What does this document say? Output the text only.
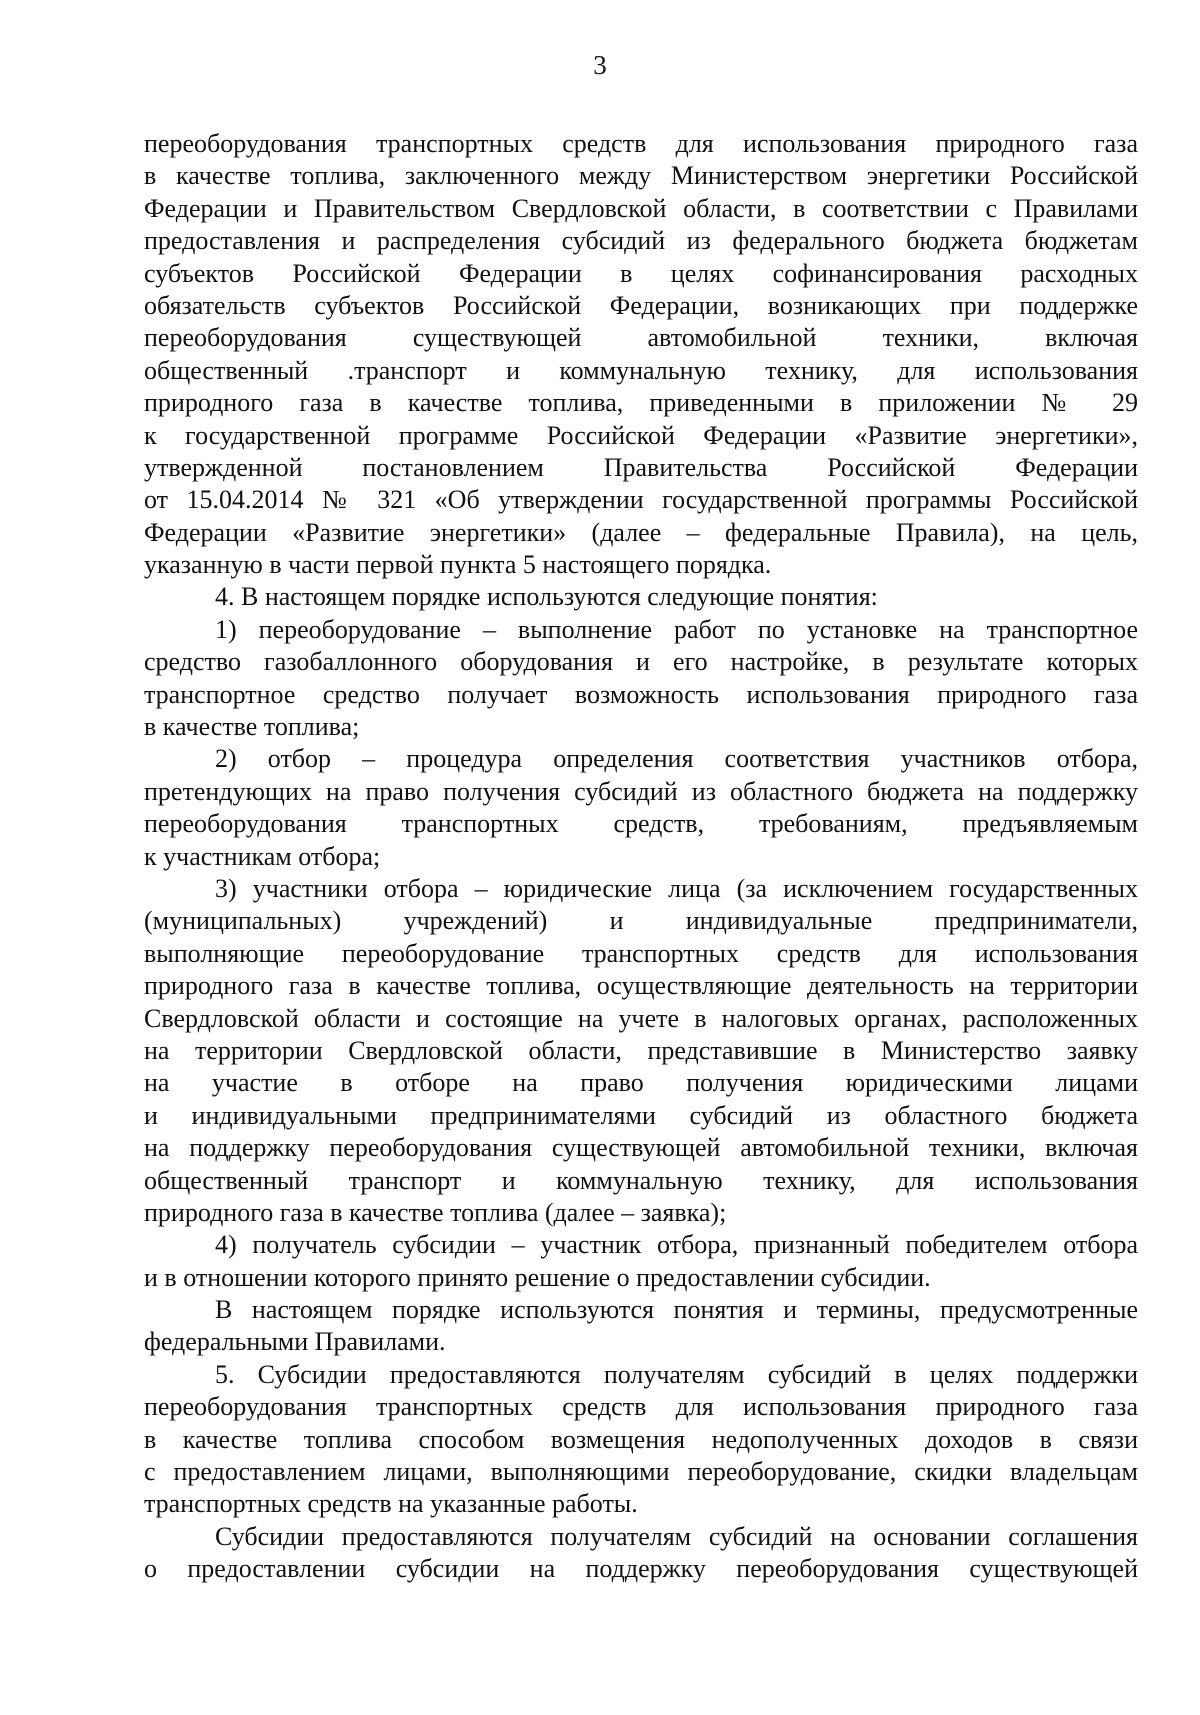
3
переоборудования транспортных средств для использования природного газа
в качестве топлива, заключенного между Министерством энергетики Российской
Федерации и Правительством Свердловской области, в соответствии с Правилами
предоставления и распределения субсидий из федерального бюджета бюджетам
субъектов Российской Федерации в целях софинансирования расходных
обязательств субъектов Российской Федерации, возникающих при поддержке
переоборудования существующей автомобильной техники, включая
общественный .транспорт и коммунальную технику, для использования
природного газа в качестве топлива, приведенными в приложении № 29
к государственной программе Российской Федерации «Развитие энергетики»,
утвержденной постановлением Правительства Российской Федерации
от 15.04.2014 № 321 «Об утверждении государственной программы Российской
Федерации «Развитие энергетики» (далее – федеральные Правила), на цель,
указанную в части первой пункта 5 настоящего порядка.
4. В настоящем порядке используются следующие понятия:
1) переоборудование – выполнение работ по установке на транспортное
средство газобаллонного оборудования и его настройке, в результате которых
транспортное средство получает возможность использования природного газа
в качестве топлива;
2) отбор – процедура определения соответствия участников отбора,
претендующих на право получения субсидий из областного бюджета на поддержку
переоборудования транспортных средств, требованиям, предъявляемым
к участникам отбора;
3) участники отбора – юридические лица (за исключением государственных
(муниципальных) учреждений) и индивидуальные предприниматели,
выполняющие переоборудование транспортных средств для использования
природного газа в качестве топлива, осуществляющие деятельность на территории
Свердловской области и состоящие на учете в налоговых органах, расположенных
на территории Свердловской области, представившие в Министерство заявку
на участие в отборе на право получения юридическими лицами
и индивидуальными предпринимателями субсидий из областного бюджета
на поддержку переоборудования существующей автомобильной техники, включая
общественный транспорт и коммунальную технику, для использования
природного газа в качестве топлива (далее – заявка);
4) получатель субсидии – участник отбора, признанный победителем отбора
и в отношении которого принято решение о предоставлении субсидии.
В настоящем порядке используются понятия и термины, предусмотренные
федеральными Правилами.
5. Субсидии предоставляются получателям субсидий в целях поддержки
переоборудования транспортных средств для использования природного газа
в качестве топлива способом возмещения недополученных доходов в связи
с предоставлением лицами, выполняющими переоборудование, скидки владельцам
транспортных средств на указанные работы.
Субсидии предоставляются получателям субсидий на основании соглашения
о предоставлении субсидии на поддержку переоборудования существующей
